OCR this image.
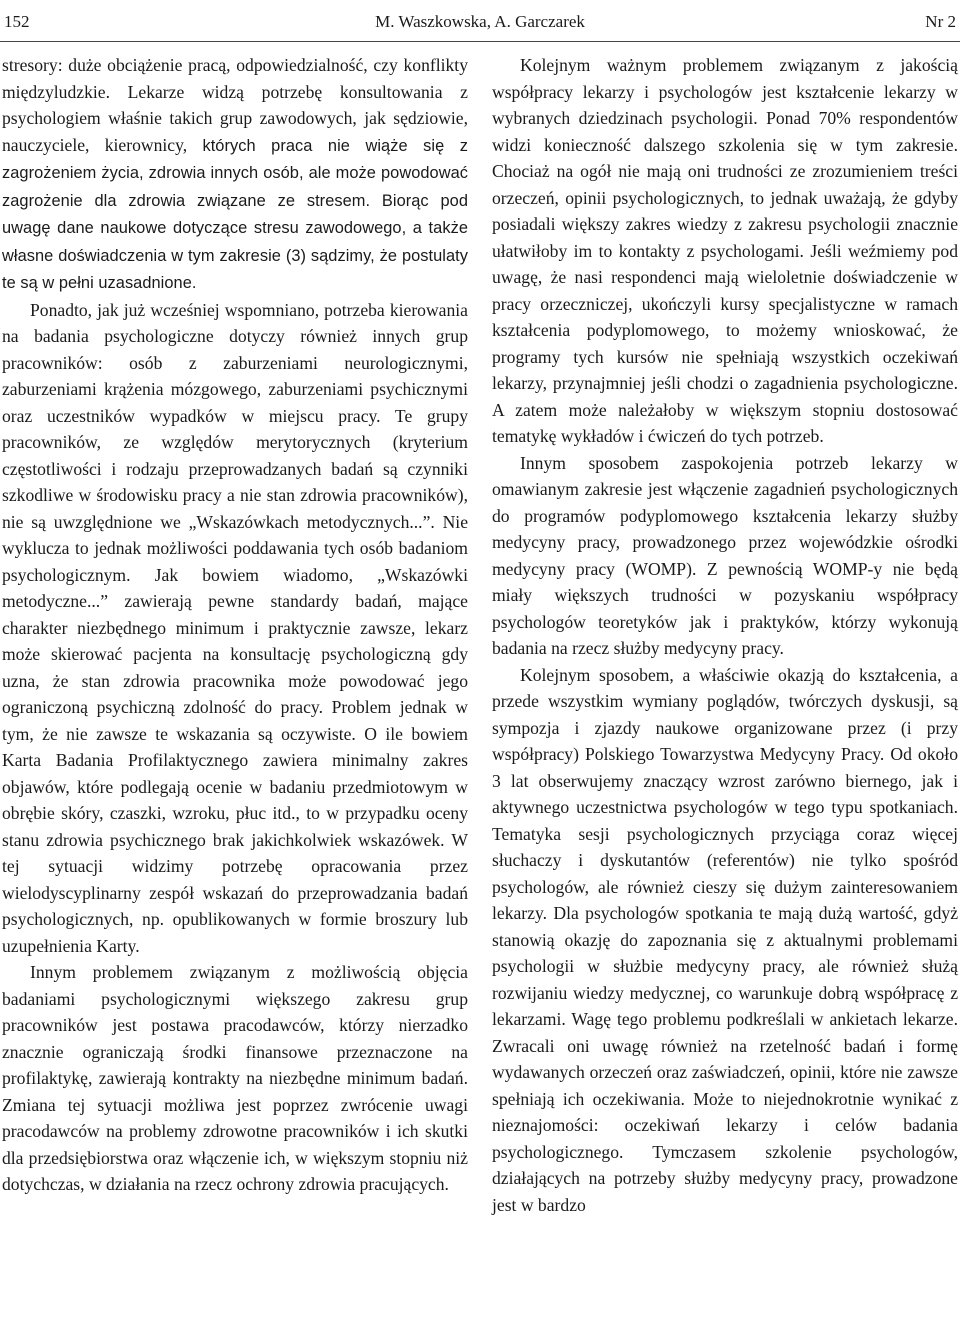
152	M. Waszkowska, A. Garczarek	Nr 2

stresory: duże obciążenie pracą, odpowiedzialność, czy konflikty międzyludzkie. Lekarze widzą potrzebę konsultowania z psychologiem właśnie takich grup zawodowych, jak sędziowie, nauczyciele, kierownicy, których praca nie wiąże się z zagrożeniem życia, zdrowia innych osób, ale może powodować zagrożenie dla zdrowia związane ze stresem. Biorąc pod uwagę dane naukowe dotyczące stresu zawodowego, a także własne doświadczenia w tym zakresie (3) sądzimy, że postulaty te są w pełni uzasadnione.

Ponadto, jak już wcześniej wspomniano, potrzeba kierowania na badania psychologiczne dotyczy również innych grup pracowników: osób z zaburzeniami neurologicznymi, zaburzeniami krążenia mózgowego, zaburzeniami psychicznymi oraz uczestników wypadków w miejscu pracy. Te grupy pracowników, ze względów merytorycznych (kryterium częstotliwości i rodzaju przeprowadzanych badań są czynniki szkodliwe w środowisku pracy a nie stan zdrowia pracowników), nie są uwzględnione we „Wskazówkach metodycznych...”. Nie wyklucza to jednak możliwości poddawania tych osób badaniom psychologicznym. Jak bowiem wiadomo, „Wskazówki metodyczne...” zawierają pewne standardy badań, mające charakter niezbędnego minimum i praktycznie zawsze, lekarz może skierować pacjenta na konsultację psychologiczną gdy uzna, że stan zdrowia pracownika może powodować jego ograniczoną psychiczną zdolność do pracy. Problem jednak w tym, że nie zawsze te wskazania są oczywiste. O ile bowiem Karta Badania Profilaktycznego zawiera minimalny zakres objawów, które podlegają ocenie w badaniu przedmiotowym w obrębie skóry, czaszki, wzroku, płuc itd., to w przypadku oceny stanu zdrowia psychicznego brak jakichkolwiek wskazówek. W tej sytuacji widzimy potrzebę opracowania przez wielodyscyplinarny zespół wskazań do przeprowadzania badań psychologicznych, np. opublikowanych w formie broszury lub uzupełnienia Karty.

Innym problemem związanym z możliwością objęcia badaniami psychologicznymi większego zakresu grup pracowników jest postawa pracodawców, którzy nierzadko znacznie ograniczają środki finansowe przeznaczone na profilaktykę, zawierają kontrakty na niezbędne minimum badań. Zmiana tej sytuacji możliwa jest poprzez zwrócenie uwagi pracodawców na problemy zdrowotne pracowników i ich skutki dla przedsiębiorstwa oraz włączenie ich, w większym stopniu niż dotychczas, w działania na rzecz ochrony zdrowia pracujących.

Kolejnym ważnym problemem związanym z jakością współpracy lekarzy i psychologów jest kształcenie lekarzy w wybranych dziedzinach psychologii. Ponad 70% respondentów widzi konieczność dalszego szkolenia się w tym zakresie. Chociaż na ogół nie mają oni trudności ze zrozumieniem treści orzeczeń, opinii psychologicznych, to jednak uważają, że gdyby posiadali większy zakres wiedzy z zakresu psychologii znacznie ułatwiłoby im to kontakty z psychologami. Jeśli weźmiemy pod uwagę, że nasi respondenci mają wieloletnie doświadczenie w pracy orzeczniczej, ukończyli kursy specjalistyczne w ramach kształcenia podyplomowego, to możemy wnioskować, że programy tych kursów nie spełniają wszystkich oczekiwań lekarzy, przynajmniej jeśli chodzi o zagadnienia psychologiczne. A zatem może należałoby w większym stopniu dostosować tematykę wykładów i ćwiczeń do tych potrzeb.

Innym sposobem zaspokojenia potrzeb lekarzy w omawianym zakresie jest włączenie zagadnień psychologicznych do programów podyplomowego kształcenia lekarzy służby medycyny pracy, prowadzonego przez wojewódzkie ośrodki medycyny pracy (WOMP). Z pewnością WOMP-y nie będą miały większych trudności w pozyskaniu współpracy psychologów teoretyków jak i praktyków, którzy wykonują badania na rzecz służby medycyny pracy.

Kolejnym sposobem, a właściwie okazją do kształcenia, a przede wszystkim wymiany poglądów, twórczych dyskusji, są sympozja i zjazdy naukowe organizowane przez (i przy współpracy) Polskiego Towarzystwa Medycyny Pracy. Od około 3 lat obserwujemy znaczący wzrost zarówno biernego, jak i aktywnego uczestnictwa psychologów w tego typu spotkaniach. Tematyka sesji psychologicznych przyciąga coraz więcej słuchaczy i dyskutantów (referentów) nie tylko spośród psychologów, ale również cieszy się dużym zainteresowaniem lekarzy. Dla psychologów spotkania te mają dużą wartość, gdyż stanowią okazję do zapoznania się z aktualnymi problemami psychologii w służbie medycyny pracy, ale również służą rozwijaniu wiedzy medycznej, co warunkuje dobrą współpracę z lekarzami. Wagę tego problemu podkreślali w ankietach lekarze. Zwracali oni uwagę również na rzetelność badań i formę wydawanych orzeczeń oraz zaświadczeń, opinii, które nie zawsze spełniają ich oczekiwania. Może to niejednokrotnie wynikać z nieznajomości: oczekiwań lekarzy i celów badania psychologicznego. Tymczasem szkolenie psychologów, działających na potrzeby służby medycyny pracy, prowadzone jest w bardzo
